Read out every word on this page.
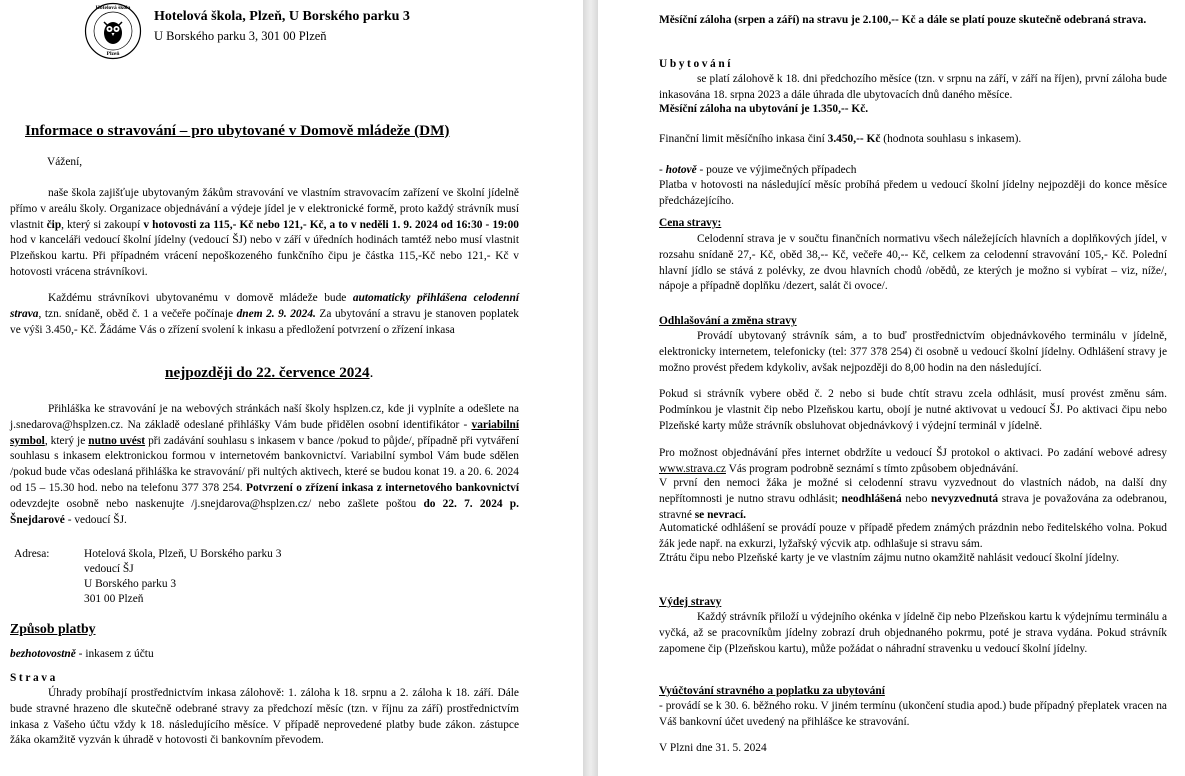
Hotelová škola
Plzeň
Hotelová škola, Plzeň, U Borského parku 3
U Borského parku 3, 301 00 Plzeň
Informace o stravování – pro ubytované v Domově mládeže (DM)
Vážení,
naše škola zajišťuje ubytovaným žákům stravování ve vlastním stravovacím zařízení ve školní jídelně přímo v areálu školy. Organizace objednávání a výdeje jídel je v elektronické formě, proto každý strávník musí vlastnit čip, který si zakoupí v hotovosti za 115,- Kč nebo 121,- Kč, a to v neděli 1. 9. 2024 od 16:30 - 19:00 hod v kanceláři vedoucí školní jídelny (vedoucí ŠJ) nebo v září v úředních hodinách tamtéž nebo musí vlastnit Plzeňskou kartu. Při případném vrácení nepoškozeného funkčního čipu je částka 115,-Kč nebo 121,- Kč v hotovosti vrácena strávníkovi.
Každému strávníkovi ubytovanému v domově mládeže bude automaticky přihlášena celodenní strava, tzn. snídaně, oběd č. 1 a večeře počínaje dnem 2. 9. 2024. Za ubytování a stravu je stanoven poplatek ve výši 3.450,- Kč. Žádáme Vás o zřízení svolení k inkasu a předložení potvrzení o zřízení inkasa
nejpozději do 22. července 2024.
Přihláška ke stravování je na webových stránkách naší školy hsplzen.cz, kde ji vyplníte a odešlete na j.snedarova@hsplzen.cz. Na základě odeslané přihlášky Vám bude přidělen osobní identifikátor - variabilní symbol, který je nutno uvést při zadávání souhlasu s inkasem v bance /pokud to půjde/, případně při vytváření souhlasu s inkasem elektronickou formou v internetovém bankovnictví. Variabilní symbol Vám bude sdělen /pokud bude včas odeslaná přihláška ke stravování/ při nultých aktivech, které se budou konat 19. a 20. 6. 2024 od 15 – 15.30 hod. nebo na telefonu 377 378 254. Potvrzení o zřízení inkasa z internetového bankovnictví odevzdejte osobně nebo naskenujte /j.snejdarova@hsplzen.cz/ nebo zašlete poštou do 22. 7. 2024 p. Šnejdarové - vedoucí ŠJ.
Adresa:	Hotelová škola, Plzeň, U Borského parku 3
vedoucí ŠJ
U Borského parku 3
301 00 Plzeň
Způsob platby
bezhotovostně - inkasem z účtu
Strava
Úhrady probíhají prostřednictvím inkasa zálohově: 1. záloha k 18. srpnu a 2. záloha k 18. září. Dále bude stravné hrazeno dle skutečně odebrané stravy za předchozí měsíc (tzn. v říjnu za září) prostřednictvím inkasa z Vašeho účtu vždy k 18. následujícího měsíce. V případě neprovedené platby bude zákon. zástupce žáka okamžitě vyzván k úhradě v hotovosti či bankovním převodem.
Měsíční záloha (srpen a září) na stravu je 2.100,-- Kč a dále se platí pouze skutečně odebraná strava.
Ubytování
se platí zálohově k 18. dni předchozího měsíce (tzn. v srpnu na září, v září na říjen), první záloha bude inkasována 18. srpna 2023 a dále úhrada dle ubytovacích dnů daného měsíce.
Měsíční záloha na ubytování je 1.350,-- Kč.
Finanční limit měsíčního inkasa činí 3.450,-- Kč (hodnota souhlasu s inkasem).
- hotově - pouze ve výjimečných případech
Platba v hotovosti na následující měsíc probíhá předem u vedoucí školní jídelny nejpozději do konce měsíce předcházejícího.
Cena stravy:
Celodenní strava je v součtu finančních normativu všech náležejících hlavních a doplňkových jídel, v rozsahu snídaně 27,- Kč, oběd 38,-- Kč, večeře 40,-- Kč, celkem za celodenní stravování 105,- Kč. Polední hlavní jídlo se stává z polévky, ze dvou hlavních chodů /obědů, ze kterých je možno si vybírat – viz, níže/, nápoje a případně doplňku /dezert, salát či ovoce/.
Odhlašování a změna stravy
Provádí ubytovaný strávník sám, a to buď prostřednictvím objednávkového terminálu v jídelně, elektronicky internetem, telefonicky (tel: 377 378 254) či osobně u vedoucí školní jídelny. Odhlášení stravy je možno provést předem kdykoliv, avšak nejpozději do 8,00 hodin na den následující.
Pokud si strávník vybere oběd č. 2 nebo si bude chtít stravu zcela odhlásit, musí provést změnu sám. Podmínkou je vlastnit čip nebo Plzeňskou kartu, obojí je nutné aktivovat u vedoucí ŠJ. Po aktivaci čipu nebo Plzeňské karty může strávník obsluhovat objednávkový i výdejní terminál v jídelně.
Pro možnost objednávání přes internet obdržíte u vedoucí ŠJ protokol o aktivaci. Po zadání webové adresy www.strava.cz Vás program podrobně seznámí s tímto způsobem objednávání.
V první den nemoci žáka je možné si celodenní stravu vyzvednout do vlastních nádob, na další dny nepřítomnosti je nutno stravu odhlásit; neodhlášená nebo nevyzvednutá strava je považována za odebranou, stravné se nevrací.
Automatické odhlášení se provádí pouze v případě předem známých prázdnin nebo ředitelského volna. Pokud žák jede např. na exkurzi, lyžařský výcvik atp. odhlašuje si stravu sám.
Ztrátu čipu nebo Plzeňské karty je ve vlastním zájmu nutno okamžitě nahlásit vedoucí školní jídelny.
Výdej stravy
Každý strávník přiloží u výdejního okénka v jídelně čip nebo Plzeňskou kartu k výdejnímu terminálu a vyčká, až se pracovníkům jídelny zobrazí druh objednaného pokrmu, poté je strava vydána. Pokud strávník zapomene čip (Plzeňskou kartu), může požádat o náhradní stravenku u vedoucí školní jídelny.
Vyúčtování stravného a poplatku za ubytování
- provádí se k 30. 6. běžného roku. V jiném termínu (ukončení studia apod.) bude případný přeplatek vracen na Váš bankovní účet uvedený na přihlášce ke stravování.
V Plzni dne 31. 5. 2024
